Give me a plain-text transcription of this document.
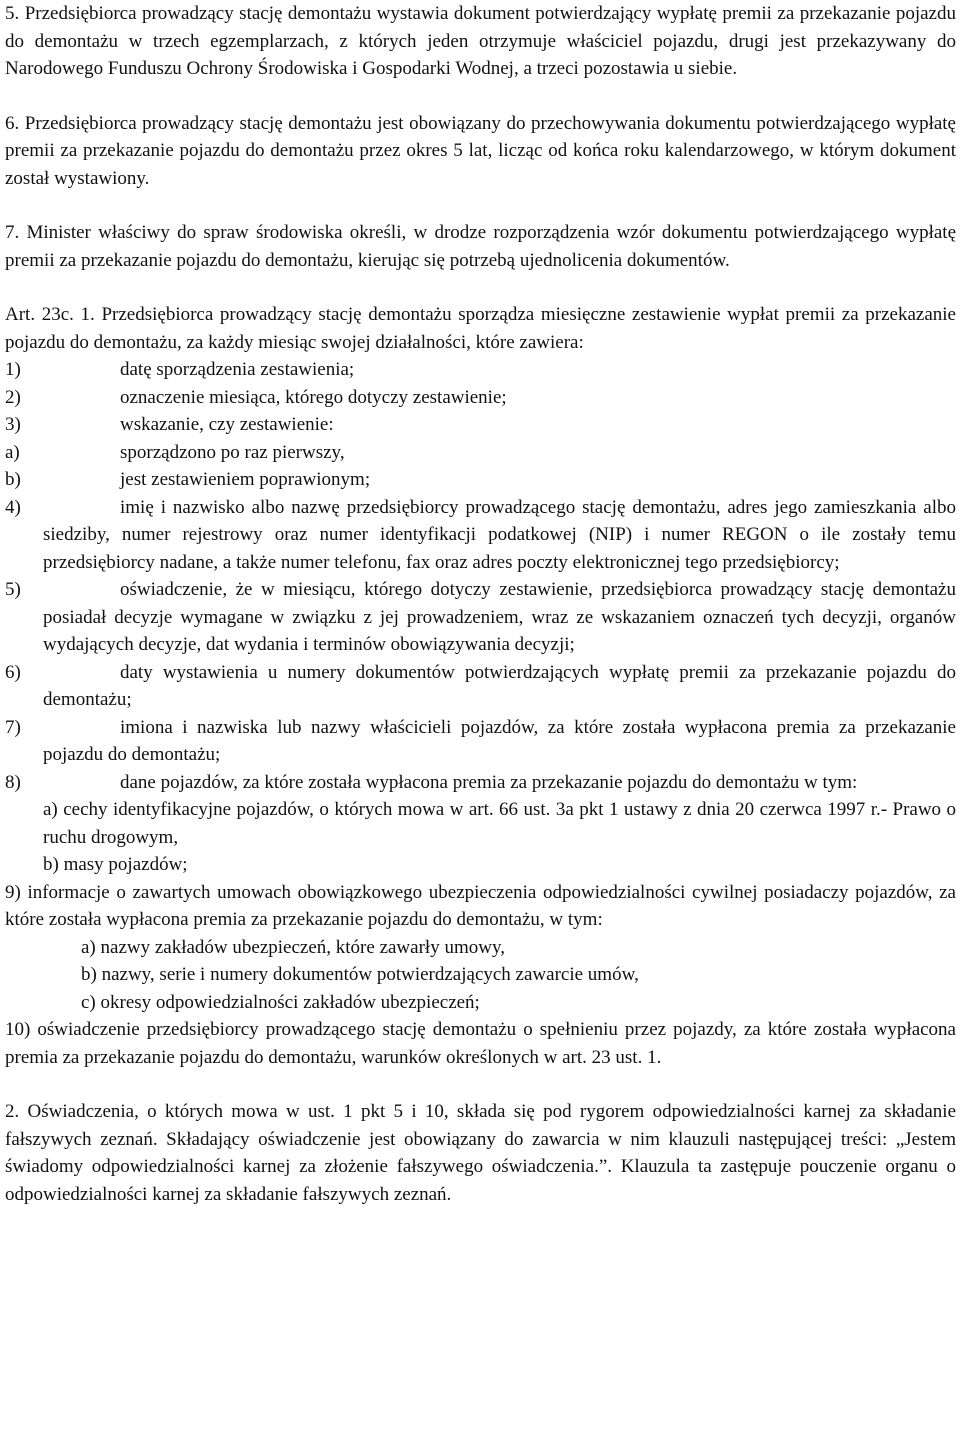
5. Przedsiębiorca prowadzący stację demontażu wystawia dokument potwierdzający wypłatę premii za przekazanie pojazdu do demontażu w trzech egzemplarzach, z których jeden otrzymuje właściciel pojazdu, drugi jest przekazywany do Narodowego Funduszu Ochrony Środowiska i Gospodarki Wodnej, a trzeci pozostawia u siebie.

6. Przedsiębiorca prowadzący stację demontażu jest obowiązany do przechowywania dokumentu potwierdzającego wypłatę premii za przekazanie pojazdu do demontażu przez okres 5 lat, licząc od końca roku kalendarzowego, w którym dokument został wystawiony.

7. Minister właściwy do spraw środowiska określi, w drodze rozporządzenia wzór dokumentu potwierdzającego wypłatę premii za przekazanie pojazdu do demontażu, kierując się potrzebą ujednolicenia dokumentów.

Art. 23c. 1. Przedsiębiorca prowadzący stację demontażu sporządza miesięczne zestawienie wypłat premii za przekazanie pojazdu do demontażu, za każdy miesiąc swojej działalności, które zawiera:

1)	datę sporządzenia zestawienia;
2)	oznaczenie miesiąca, którego dotyczy zestawienie;
3)	wskazanie, czy zestawienie:
a)	sporządzono po raz pierwszy,
b)	jest zestawieniem poprawionym;

4)	imię i nazwisko albo nazwę przedsiębiorcy prowadzącego stację demontażu, adres jego zamieszkania albo siedziby, numer rejestrowy oraz numer identyfikacji podatkowej (NIP) i numer REGON o ile zostały temu przedsiębiorcy nadane, a także numer telefonu, fax oraz adres poczty elektronicznej tego przedsiębiorcy;

5)	oświadczenie, że w miesiącu, którego dotyczy zestawienie, przedsiębiorca prowadzący stację demontażu posiadał decyzje wymagane w związku z jej prowadzeniem, wraz ze wskazaniem oznaczeń tych decyzji, organów wydających decyzje, dat wydania i terminów obowiązywania decyzji;

6)	daty wystawienia u numery dokumentów potwierdzających wypłatę premii za przekazanie pojazdu do demontażu;

7)	imiona i nazwiska lub nazwy właścicieli pojazdów, za które została wypłacona premia za przekazanie pojazdu do demontażu;

8)	dane pojazdów, za które została wypłacona premia za przekazanie pojazdu do demontażu w tym:

a) cechy identyfikacyjne pojazdów, o których mowa w art. 66 ust. 3a pkt 1 ustawy z dnia 20 czerwca 1997 r.- Prawo o ruchu drogowym,

b) masy pojazdów;

9) informacje o zawartych umowach obowiązkowego ubezpieczenia odpowiedzialności cywilnej posiadaczy pojazdów, za które została wypłacona premia za przekazanie pojazdu do demontażu, w tym:

a) nazwy zakładów ubezpieczeń, które zawarły umowy,

b) nazwy, serie i numery dokumentów potwierdzających zawarcie umów,

c) okresy odpowiedzialności zakładów ubezpieczeń;

10) oświadczenie przedsiębiorcy prowadzącego stację demontażu o spełnieniu przez pojazdy, za które została wypłacona premia za przekazanie pojazdu do demontażu, warunków określonych w art. 23 ust. 1.

2. Oświadczenia, o których mowa w ust. 1 pkt 5 i 10, składa się pod rygorem odpowiedzialności karnej za składanie fałszywych zeznań. Składający oświadczenie jest obowiązany do zawarcia w nim klauzuli następującej treści: „Jestem świadomy odpowiedzialności karnej za złożenie fałszywego oświadczenia.”. Klauzula ta zastępuje pouczenie organu o odpowiedzialności karnej za składanie fałszywych zeznań.
